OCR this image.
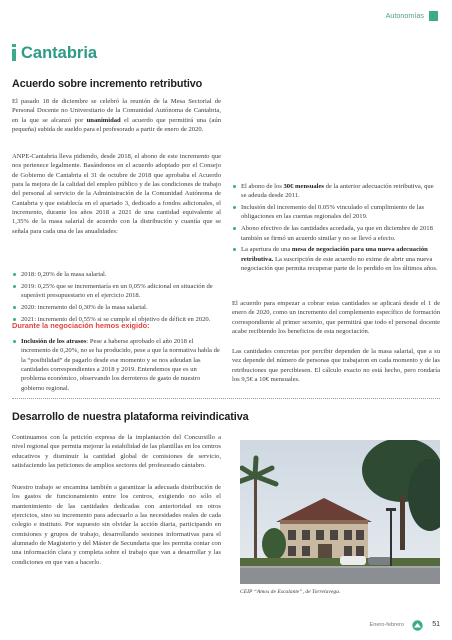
Autonomías
Cantabria
Acuerdo sobre incremento retributivo
El pasado 18 de diciembre se celebró la reunión de la Mesa Sectorial de Personal Docente no Universitario de la Comunidad Autónoma de Cantabria, en la que se alcanzó por unanimidad el acuerdo que permitirá una (aún pequeña) subida de sueldo para el profesorado a partir de enero de 2020.
ANPE-Cantabria lleva pidiendo, desde 2018, el abono de este incremento que nos pertenece legalmente. Basándonos en el acuerdo adoptado por el Consejo de Gobierno de Cantabria el 31 de octubre de 2018 que aprobaba el Acuerdo para la mejora de la calidad del empleo público y de las condiciones de trabajo del personal al servicio de la Administración de la Comunidad Autónoma de Cantabria y que establecía en el apartado 3, dedicado a fondos adicionales, el incremento, durante los años 2018 a 2021 de una cantidad equivalente al 1,35% de la masa salarial de acuerdo con la distribución y cuantía que se señala para cada una de las anualidades:
2018: 0,20% de la masa salarial.
2019: 0,25% que se incrementaría en un 0,05% adicional en situación de superávit presupuestario en el ejercicio 2018.
2020: incremento del 0,30% de la masa salarial.
2021: incremento del 0,55% si se cumple el objetivo de déficit en 2020.
Durante la negociación hemos exigido:
Inclusión de los atrasos: Pese a haberse aprobado el año 2018 el incremento de 0,20%, no se ha producido, pese a que la normativa habla de la “posibilidad” de pagarlo desde ese momento y se nos adeudan las cantidades correspondientes a 2018 y 2019. Entendemos que es un problema económico, observando los derroteros de gasto de nuestro gobierno regional.
El abono de los 30€ mensuales de la anterior adecuación retributiva, que se adeuda desde 2011.
Inclusión del incremento del 0.05% vinculado el cumplimiento de las obligaciones en las cuentas regionales del 2019.
Abono efectivo de las cantidades acordada, ya que en diciembre de 2018 también se firmó un acuerdo similar y no se llevó a efecto.
La apertura de una mesa de negociación para una nueva adecuación retributiva. La suscripción de este acuerdo no exime de abrir una nueva negociación que permita recuperar parte de lo perdido en los últimos años.
El acuerdo para empezar a cobrar estas cantidades se aplicará desde el 1 de enero de 2020, como un incremento del complemento específico de formación correspondiente al primer sexenio, que permitirá que todo el personal docente acabe recibiendo los beneficios de esta negociación.
Las cantidades concretas por percibir dependen de la masa salarial, que a su vez depende del número de personas que trabajaron en cada momento y de las retribuciones que percibiesen. El cálculo exacto no está hecho, pero rondaría los 9,5€ a 10€ mensuales.
Desarrollo de nuestra plataforma reivindicativa
Continuamos con la petición expresa de la implantación del Concursillo a nivel regional que permita mejorar la estabilidad de las plantillas en los centros educativos y disminuir la cantidad global de comisiones de servicio, satisfaciendo las peticiones de amplios sectores del profesorado cántabro.
Nuestro trabajo se encamina también a garantizar la adecuada distribución de los gastos de funcionamiento entre los centros, exigiendo no sólo el mantenimiento de las cantidades dedicadas con anterioridad en otros ejercicios, sino su incremento para adecuarlo a las necesidades reales de cada colegio e instituto. Por supuesto sin olvidar la acción diaria, participando en comisiones y grupos de trabajo, desarrollando sesiones informativas para el alumnado de Magisterio y del Máster de Secundaria que les permita contar con una información clara y completa sobre el trabajo que van a desarrollar y las condiciones en que van a hacerlo.
CEIP “Amos de Escalante”, de Torrelavega.
Enero-febrero	51
